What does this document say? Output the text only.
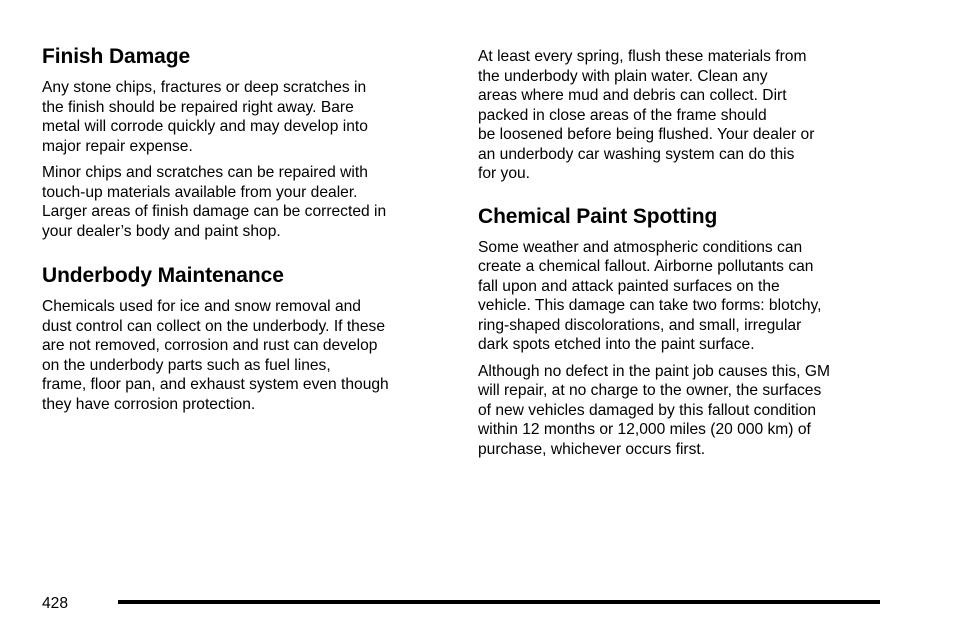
Finish Damage

Any stone chips, fractures or deep scratches in
the finish should be repaired right away. Bare
metal will corrode quickly and may develop into
major repair expense.

Minor chips and scratches can be repaired with
touch-up materials available from your dealer.
Larger areas of finish damage can be corrected in
your dealer’s body and paint shop.

Underbody Maintenance

Chemicals used for ice and snow removal and
dust control can collect on the underbody. If these
are not removed, corrosion and rust can develop
on the underbody parts such as fuel lines,
frame, floor pan, and exhaust system even though
they have corrosion protection.

At least every spring, flush these materials from
the underbody with plain water. Clean any
areas where mud and debris can collect. Dirt
packed in close areas of the frame should
be loosened before being flushed. Your dealer or
an underbody car washing system can do this
for you.

Chemical Paint Spotting

Some weather and atmospheric conditions can
create a chemical fallout. Airborne pollutants can
fall upon and attack painted surfaces on the
vehicle. This damage can take two forms: blotchy,
ring-shaped discolorations, and small, irregular
dark spots etched into the paint surface.

Although no defect in the paint job causes this, GM
will repair, at no charge to the owner, the surfaces
of new vehicles damaged by this fallout condition
within 12 months or 12,000 miles (20 000 km) of
purchase, whichever occurs first.

428
